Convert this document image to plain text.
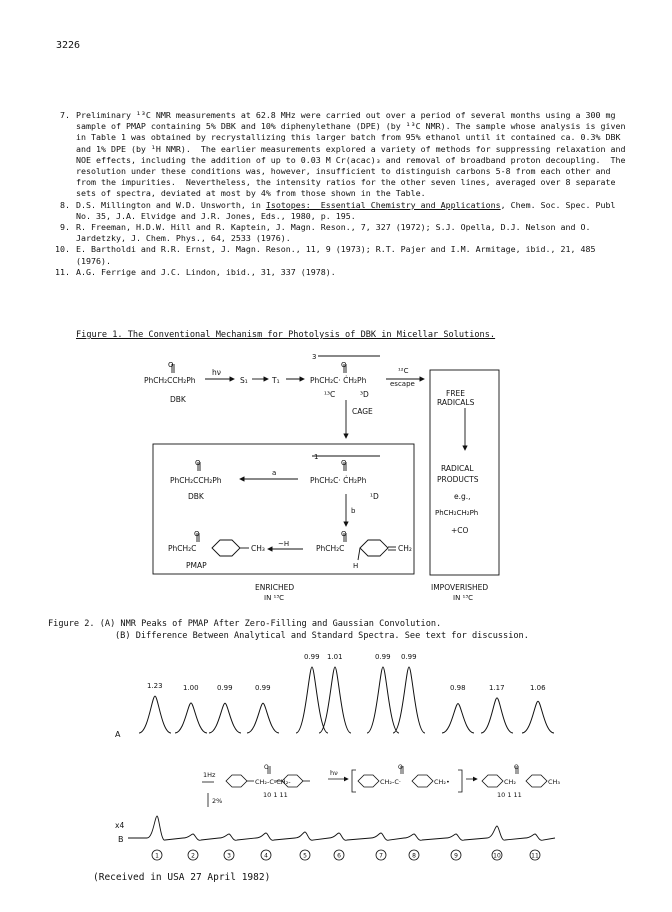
3226
7. Preliminary ¹³C NMR measurements at 62.8 MHz were carried out over a period of several months using a 300 mg sample of PMAP containing 5% DBK and 10% diphenylethane (DPE) (by ¹³C NMR). The sample whose analysis is given in Table 1 was obtained by recrystallizing this larger batch from 95% ethanol until it contained ca. 0.3% DBK and 1% DPE (by ¹H NMR).  The earlier measurements explored a variety of methods for suppressing relaxation and NOE effects, including the addition of up to 0.03 M Cr(acac)₃ and removal of broadband proton decoupling.  The resolution under these conditions was, however, insufficient to distinguish carbons 5-8 from each other and from the impurities.  Nevertheless, the intensity ratios for the other seven lines, averaged over 8 separate sets of spectra, deviated at most by 4% from those shown in the Table.
8. D.S. Millington and W.D. Unsworth, in Isotopes:  Essential Chemistry and Applications, Chem. Soc. Spec. Publ No. 35, J.A. Elvidge and J.R. Jones, Eds., 1980, p. 195.
9. R. Freeman, H.D.W. Hill and R. Kaptein, J. Magn. Reson., 7, 327 (1972); S.J. Opella, D.J. Nelson and O. Jardetzky, J. Chem. Phys., 64, 2533 (1976).
10. E. Bartholdi and R.R. Ernst, J. Magn. Reson., 11, 9 (1973); R.T. Pajer and I.M. Armitage, ibid., 21, 485 (1976).
11. A.G. Ferrige and J.C. Lindon, ibid., 31, 337 (1978).
Figure 1. The Conventional Mechanism for Photolysis of DBK in Micellar Solutions.
O
PhCH₂CCH₂Ph
DBK
hν
S₁	T₁
3
O
PhCH₂C· ĊH₂Ph
¹³C	³D
¹²C
escape
CAGE
FREE
RADICALS
RADICAL
PRODUCTS
e.g.,
PhCH₂CH₂Ph
+CO
1
O
PhCH₂CCH₂Ph
DBK
a
O
PhCH₂C· ĊH₂Ph
¹D
b
O
PhCH₂C	CH₃
PMAP
~H
O
PhCH₂C	CH₂
H
ENRICHED
IN ¹³C
IMPOVERISHED
IN ¹³C
Figure 2. (A) NMR Peaks of PMAP After Zero-Filling and Gaussian Convolution.
(B) Difference Between Analytical and Standard Spectra. See text for discussion.
1.23	1.00	0.99	0.99
0.99 1.01	0.99 0.99
0.98	1.17	1.06
A
x4
B
1	2	3	4	5	6	7	8	9	10	11
1Hz
2%
CH₂-C-CH₂-
O
hν
CH₂-C·
O
CH₂•	CH₂
O
CH₃
10 1 11	10 1 11
(Received in USA 27 April 1982)
